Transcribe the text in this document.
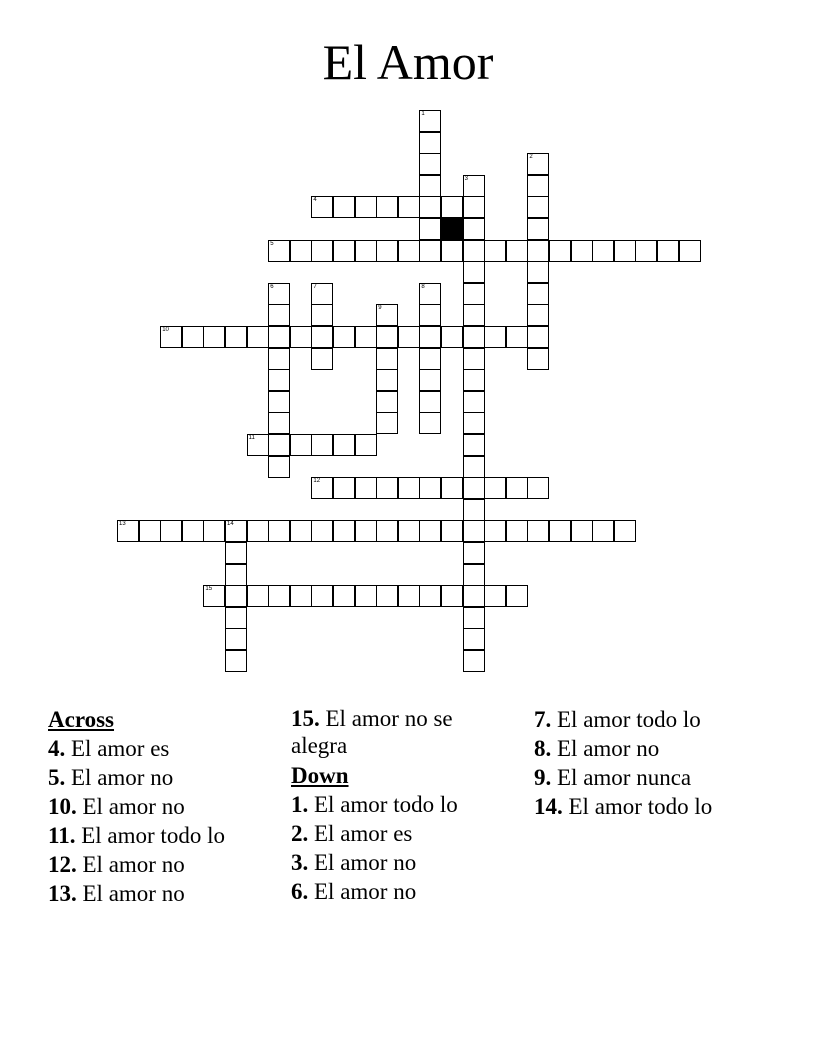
El Amor
4
5
10
11
12
13	14
15
1
2
3
6	7	8
9
Across
4. El amor es
5. El amor no
10. El amor no
11. El amor todo lo
12. El amor no
13. El amor no
15. El amor no se alegra
Down
1. El amor todo lo
2. El amor es
3. El amor no
6. El amor no
7. El amor todo lo
8. El amor no
9. El amor nunca
14. El amor todo lo
